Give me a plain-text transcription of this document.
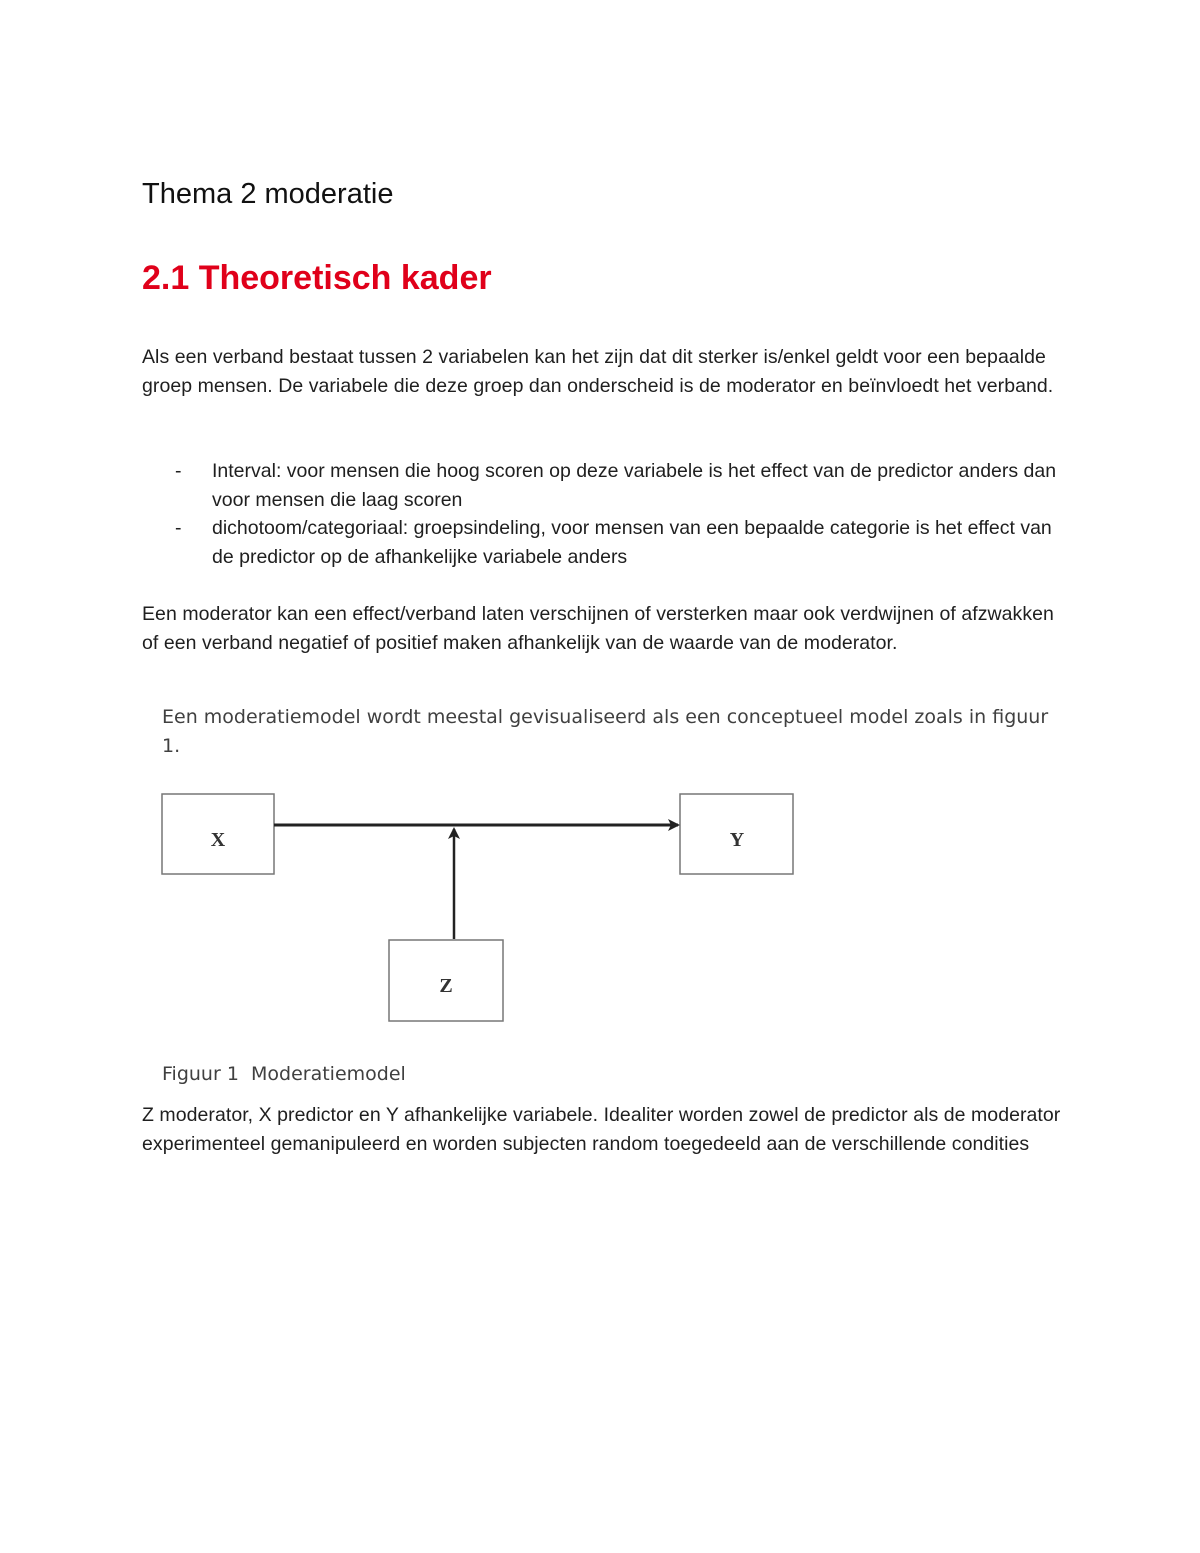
Thema 2 moderatie
2.1 Theoretisch kader

Als een verband bestaat tussen 2 variabelen kan het zijn dat dit sterker is/enkel geldt voor een bepaalde groep mensen. De variabele die deze groep dan onderscheid is de moderator en beïnvloedt het verband.

- Interval: voor mensen die hoog scoren op deze variabele is het effect van de predictor anders dan voor mensen die laag scoren
- dichotoom/categoriaal: groepsindeling, voor mensen van een bepaalde categorie is het effect van de predictor op de afhankelijke variabele anders

Een moderator kan een effect/verband laten verschijnen of versterken maar ook verdwijnen of afzwakken of een verband negatief of positief maken afhankelijk van de waarde van de moderator.

Een moderatiemodel wordt meestal gevisualiseerd als een conceptueel model zoals in figuur 1.

X	Y
Z

Figuur 1  Moderatiemodel

Z moderator, X predictor en Y afhankelijke variabele. Idealiter worden zowel de predictor als de moderator experimenteel gemanipuleerd en worden subjecten random toegedeeld aan de verschillende condities
